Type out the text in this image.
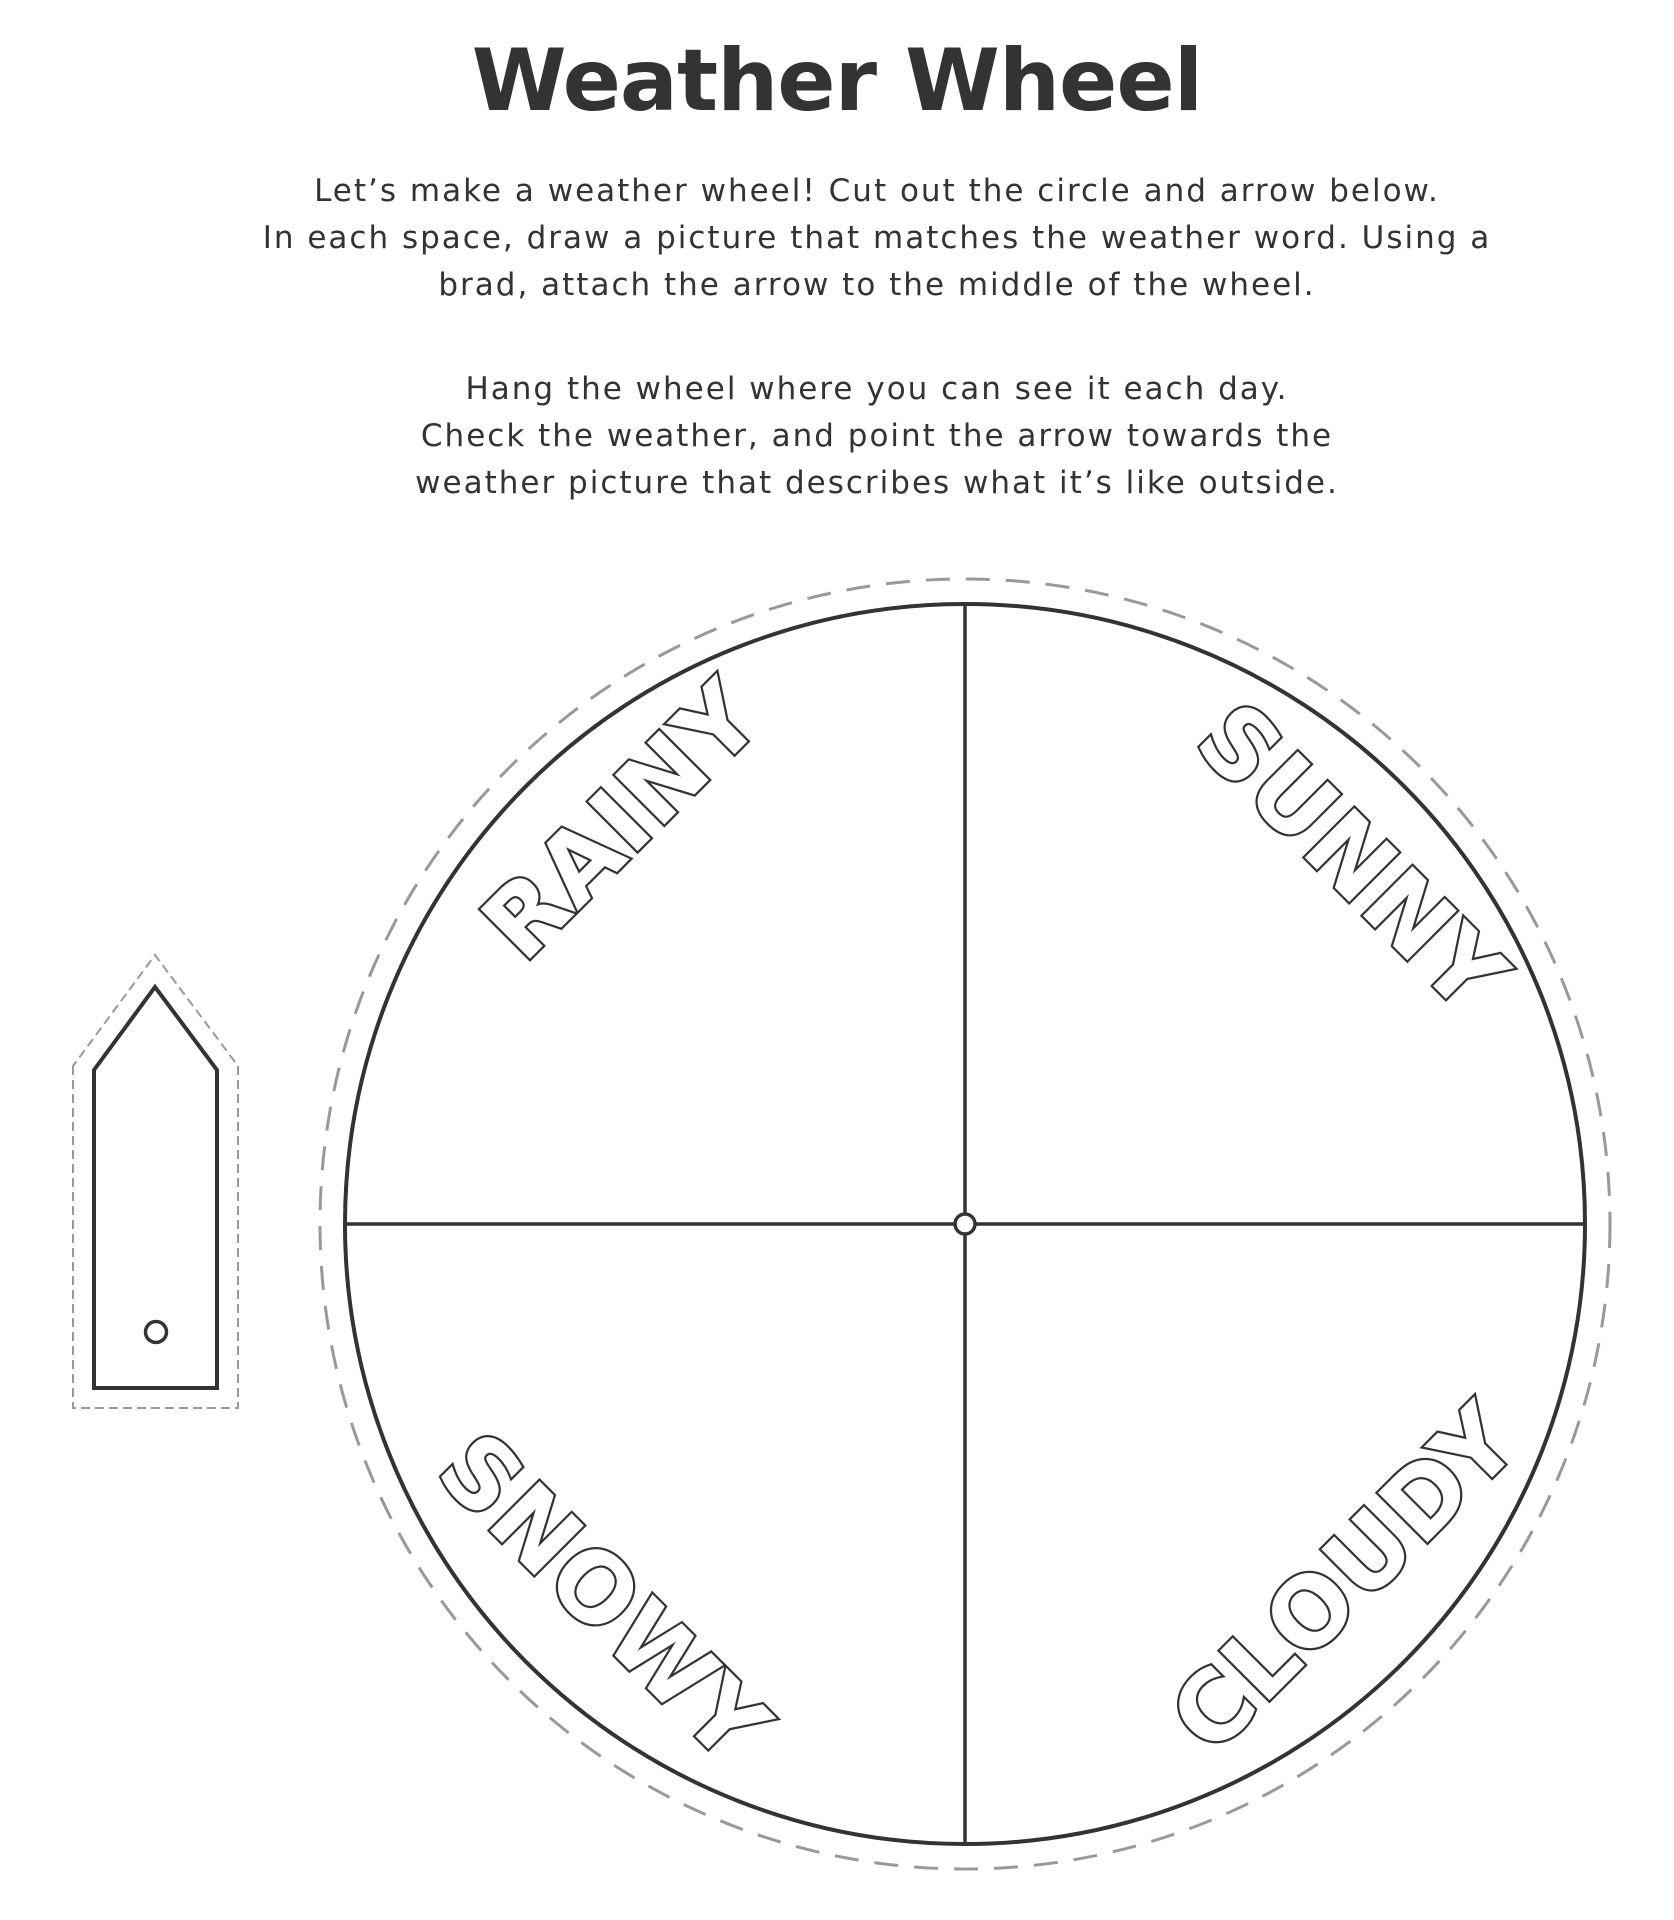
Weather Wheel

Let’s make a weather wheel! Cut out the circle and arrow below.
In each space, draw a picture that matches the weather word. Using a
brad, attach the arrow to the middle of the wheel.

Hang the wheel where you can see it each day.
Check the weather, and point the arrow towards the
weather picture that describes what it’s like outside.

RAINY	SUNNY
SNOWY	CLOUDY
